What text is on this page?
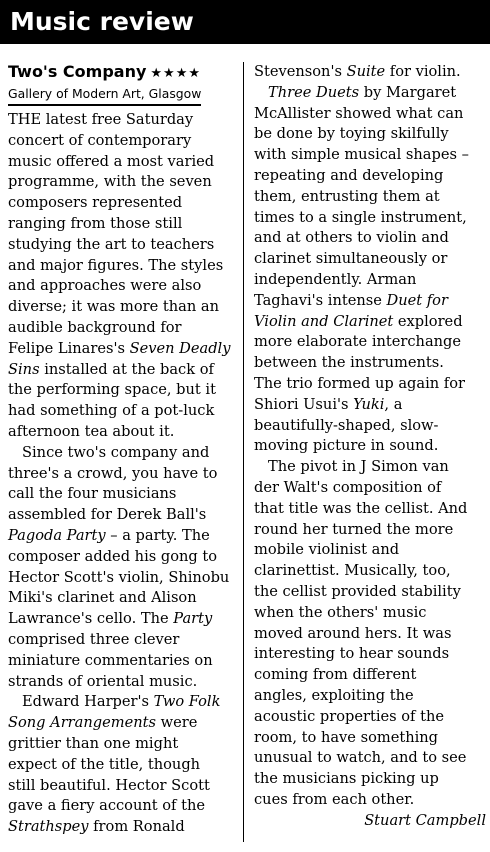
Music review
Two's Company ★★★★
Gallery of Modern Art, Glasgow

THE latest free Saturday
concert of contemporary
music offered a most varied
programme, with the seven
composers represented
ranging from those still
studying the art to teachers
and major figures. The styles
and approaches were also
diverse; it was more than an
audible background for
Felipe Linares's Seven Deadly
Sins installed at the back of
the performing space, but it
had something of a pot-luck
afternoon tea about it.

Since two's company and
three's a crowd, you have to
call the four musicians
assembled for Derek Ball's
Pagoda Party – a party. The
composer added his gong to
Hector Scott's violin, Shinobu
Miki's clarinet and Alison
Lawrance's cello. The Party
comprised three clever
miniature commentaries on
strands of oriental music.

Edward Harper's Two Folk
Song Arrangements were
grittier than one might
expect of the title, though
still beautiful. Hector Scott
gave a fiery account of the
Strathspey from Ronald

Stevenson's Suite for violin.

Three Duets by Margaret
McAllister showed what can
be done by toying skilfully
with simple musical shapes –
repeating and developing
them, entrusting them at
times to a single instrument,
and at others to violin and
clarinet simultaneously or
independently. Arman
Taghavi's intense Duet for
Violin and Clarinet explored
more elaborate interchange
between the instruments.
The trio formed up again for
Shiori Usui's Yuki, a
beautifully-shaped, slow-
moving picture in sound.

The pivot in J Simon van
der Walt's composition of
that title was the cellist. And
round her turned the more
mobile violinist and
clarinettist. Musically, too,
the cellist provided stability
when the others' music
moved around hers. It was
interesting to hear sounds
coming from different
angles, exploiting the
acoustic properties of the
room, to have something
unusual to watch, and to see
the musicians picking up
cues from each other.

Stuart Campbell
